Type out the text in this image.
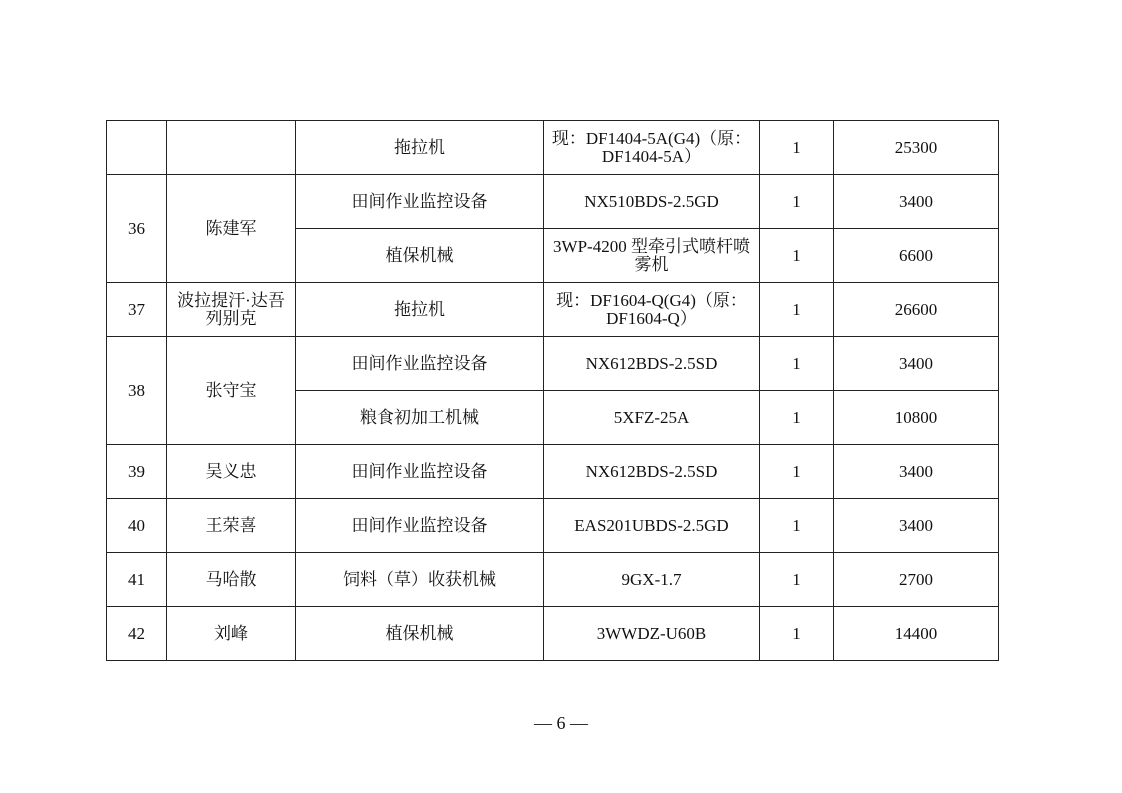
		拖拉机	现：DF1404-5A(G4)（原：DF1404-5A）	1	25300
36	陈建军	田间作业监控设备	NX510BDS-2.5GD	1	3400
		植保机械	3WP-4200 型牵引式喷杆喷雾机	1	6600
37	波拉提汗·达吾列别克	拖拉机	现：DF1604-Q(G4)（原：DF1604-Q）	1	26600
38	张守宝	田间作业监控设备	NX612BDS-2.5SD	1	3400
		粮食初加工机械	5XFZ-25A	1	10800
39	吴义忠	田间作业监控设备	NX612BDS-2.5SD	1	3400
40	王荣喜	田间作业监控设备	EAS201UBDS-2.5GD	1	3400
41	马哈散	饲料（草）收获机械	9GX-1.7	1	2700
42	刘峰	植保机械	3WWDZ-U60B	1	14400
— 6 —
